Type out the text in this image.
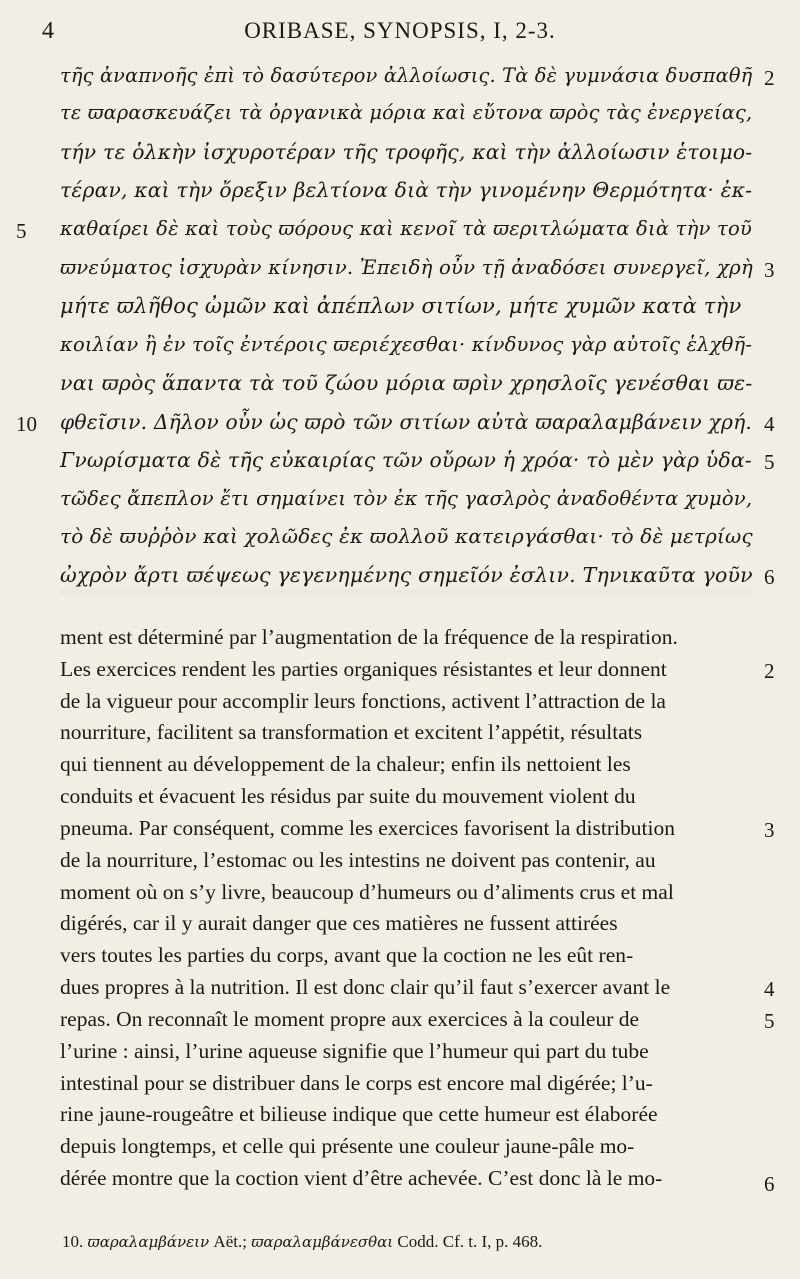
4	ORIBASE, SYNOPSIS, I, 2-3.
τῆς ἀναπνοῆς ἐπὶ τὸ δασύτερον ἀλλοίωσις. Τὰ δὲ γυμνάσια δυσπαθῆ
τε ϖαρασκευάζει τὰ ὀργανικὰ μόρια καὶ εὔτονα ϖρὸς τὰς ἐνεργείας,
τήν τε ὁλκὴν ἰσχυροτέραν τῆς τροφῆς, καὶ τὴν ἀλλοίωσιν ἑτοιμο-
τέραν, καὶ τὴν ὄρεξιν βελτίονα διὰ τὴν γινομένην Θερμότητα· ἐκ-
καθαίρει δὲ καὶ τοὺς ϖόρους καὶ κενοῖ τὰ ϖεριτλώματα διὰ τὴν τοῦ
ϖνεύματος ἰσχυρὰν κίνησιν. Ἐπειδὴ οὖν τῇ ἀναδόσει συνεργεῖ, χρὴ
μήτε ϖλῆθος ὠμῶν καὶ ἀπέπλων σιτίων, μήτε χυμῶν κατὰ τὴν
κοιλίαν ἢ ἐν τοῖς ἐντέροις ϖεριέχεσθαι· κίνδυνος γὰρ αὐτοῖς ἑλχθῆ-
ναι ϖρὸς ἅπαντα τὰ τοῦ ζώου μόρια ϖρὶν χρησλοῖς γενέσθαι ϖε-
φθεῖσιν. Δῆλον οὖν ὡς ϖρὸ τῶν σιτίων αὐτὰ ϖαραλαμβάνειν χρή.
Γνωρίσματα δὲ τῆς εὐκαιρίας τῶν οὔρων ἡ χρόα· τὸ μὲν γὰρ ὑδα-
τῶδες ἄπεπλον ἔτι σημαίνει τὸν ἐκ τῆς γασλρὸς ἀναδοθέντα χυμὸν,
τὸ δὲ ϖυῤῥὸν καὶ χολῶδες ἐκ ϖολλοῦ κατειργάσθαι· τὸ δὲ μετρίως
ὠχρὸν ἄρτι ϖέψεως γεγενημένης σημεῖόν ἐσλιν. Τηνικαῦτα γοῦν
5
10
2
3
4
5
6
ment est déterminé par l’augmentation de la fréquence de la respiration.
Les exercices rendent les parties organiques résistantes et leur donnent
de la vigueur pour accomplir leurs fonctions, activent l’attraction de la
nourriture, facilitent sa transformation et excitent l’appétit, résultats
qui tiennent au développement de la chaleur; enfin ils nettoient les
conduits et évacuent les résidus par suite du mouvement violent du
pneuma. Par conséquent, comme les exercices favorisent la distribution
de la nourriture, l’estomac ou les intestins ne doivent pas contenir, au
moment où on s’y livre, beaucoup d’humeurs ou d’aliments crus et mal
digérés, car il y aurait danger que ces matières ne fussent attirées
vers toutes les parties du corps, avant que la coction ne les eût ren-
dues propres à la nutrition. Il est donc clair qu’il faut s’exercer avant le
repas. On reconnaît le moment propre aux exercices à la couleur de
l’urine : ainsi, l’urine aqueuse signifie que l’humeur qui part du tube
intestinal pour se distribuer dans le corps est encore mal digérée; l’u-
rine jaune-rougeâtre et bilieuse indique que cette humeur est élaborée
depuis longtemps, et celle qui présente une couleur jaune-pâle mo-
dérée montre que la coction vient d’être achevée. C’est donc là le mo-
2
3
4
5
6
10. ϖαραλαμβάνειν Aët.; ϖαραλαμβάνεσθαι Codd. Cf. t. I, p. 468.
